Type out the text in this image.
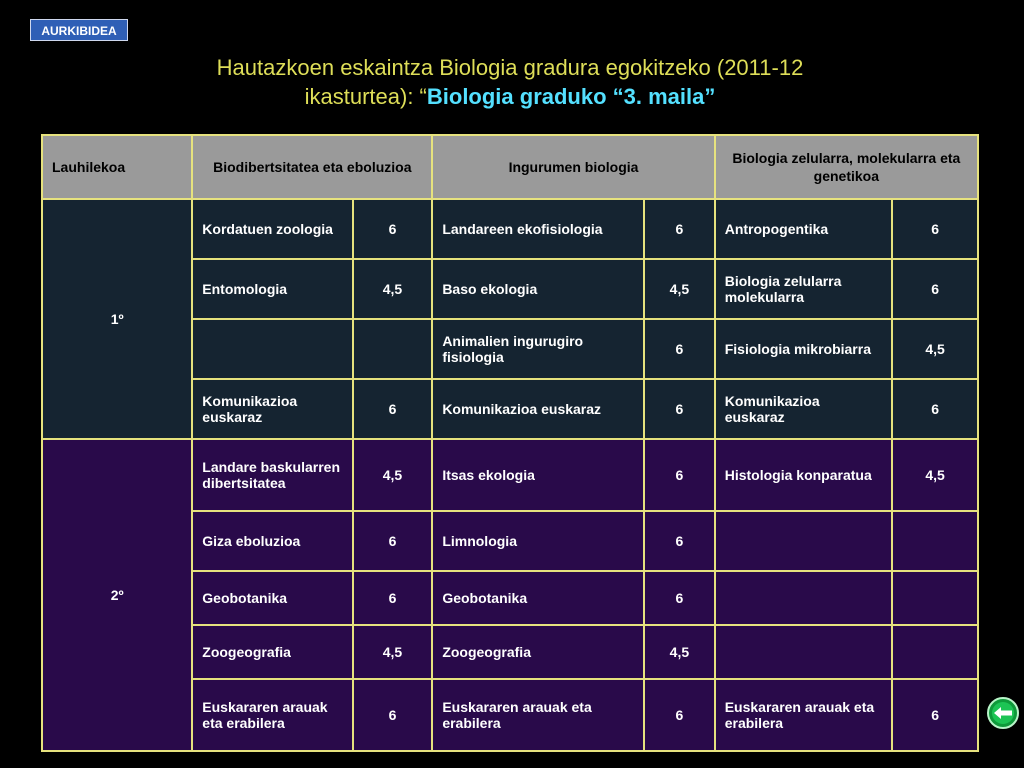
AURKIBIDEA
Hautazkoen eskaintza Biologia gradura egokitzeko (2011-12
ikasturtea): “Biologia graduko “3. maila”
Lauhilekoa	Biodibertsitatea eta eboluzioa		Ingurumen biologia		Biologia zelularra, molekularra eta genetikoa	
1º	Kordatuen zoologia	6	Landareen ekofisiologia	6	Antropogentika	6
	Entomologia	4,5	Baso ekologia	4,5	Biologia zelularra molekularra	6
			Animalien ingurugiro fisiologia	6	Fisiologia mikrobiarra	4,5
	Komunikazioa euskaraz	6	Komunikazioa euskaraz	6	Komunikazioa euskaraz	6
2º	Landare baskularren dibertsitatea	4,5	Itsas ekologia	6	Histologia konparatua	4,5
	Giza eboluzioa	6	Limnologia	6		
	Geobotanika	6	Geobotanika	6		
	Zoogeografia	4,5	Zoogeografia	4,5		
	Euskararen arauak eta erabilera	6	Euskararen arauak eta erabilera	6	Euskararen arauak eta erabilera	6
